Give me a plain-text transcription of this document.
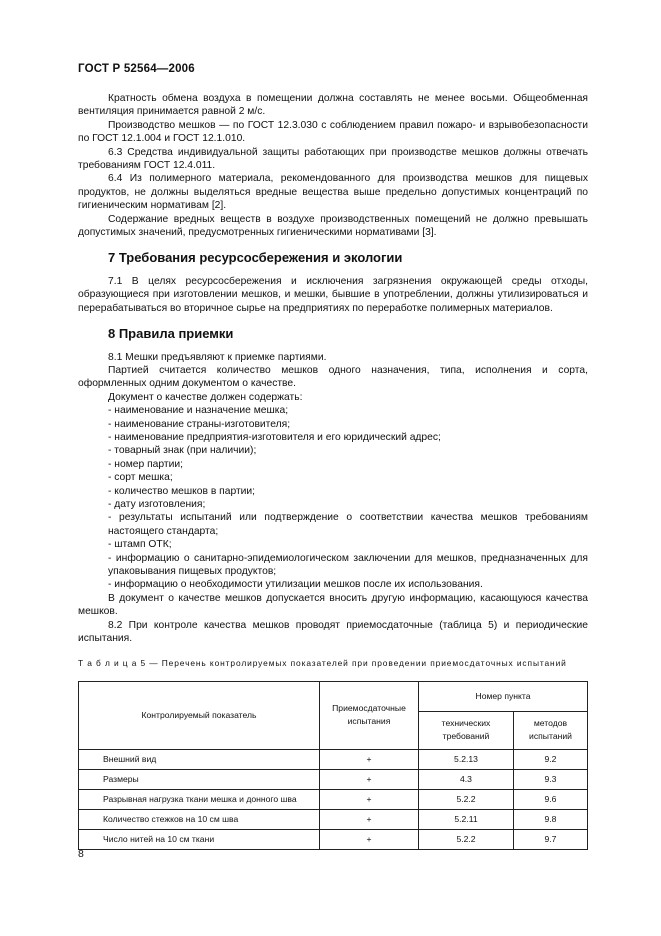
ГОСТ Р 52564—2006

Кратность обмена воздуха в помещении должна составлять не менее восьми. Общеобменная вентиляция принимается равной 2 м/с.

Производство мешков — по ГОСТ 12.3.030 с соблюдением правил пожаро- и взрывобезопасности по ГОСТ 12.1.004 и ГОСТ 12.1.010.

6.3 Средства индивидуальной защиты работающих при производстве мешков должны отвечать требованиям ГОСТ 12.4.011.

6.4 Из полимерного материала, рекомендованного для производства мешков для пищевых продуктов, не должны выделяться вредные вещества выше предельно допустимых концентраций по гигиеническим нормативам [2].

Содержание вредных веществ в воздухе производственных помещений не должно превышать допустимых значений, предусмотренных гигиеническими нормативами [3].

7 Требования ресурсосбережения и экологии

7.1 В целях ресурсосбережения и исключения загрязнения окружающей среды отходы, образующиеся при изготовлении мешков, и мешки, бывшие в употреблении, должны утилизироваться и перерабатываться во вторичное сырье на предприятиях по переработке полимерных материалов.

8 Правила приемки

8.1 Мешки предъявляют к приемке партиями.

Партией считается количество мешков одного назначения, типа, исполнения и сорта, оформленных одним документом о качестве.

Документ о качестве должен содержать:

- наименование и назначение мешка;
- наименование страны-изготовителя;
- наименование предприятия-изготовителя и его юридический адрес;
- товарный знак (при наличии);
- номер партии;
- сорт мешка;
- количество мешков в партии;
- дату изготовления;
- результаты испытаний или подтверждение о соответствии качества мешков требованиям настоящего стандарта;
- штамп ОТК;
- информацию о санитарно-эпидемиологическом заключении для мешков, предназначенных для упаковывания пищевых продуктов;
- информацию о необходимости утилизации мешков после их использования.

В документ о качестве мешков допускается вносить другую информацию, касающуюся качества мешков.

8.2 При контроле качества мешков проводят приемосдаточные (таблица 5) и периодические испытания.

Т а б л и ц а 5 — Перечень контролируемых показателей при проведении приемосдаточных испытаний

Контролируемый показатель	Приемосдаточные испытания	Номер пункта	
		технических требований	методов испытаний
Внешний вид	+	5.2.13	9.2
Размеры	+	4.3	9.3
Разрывная нагрузка ткани мешка и донного шва	+	5.2.2	9.6
Количество стежков на 10 см шва	+	5.2.11	9.8
Число нитей на 10 см ткани	+	5.2.2	9.7
8
